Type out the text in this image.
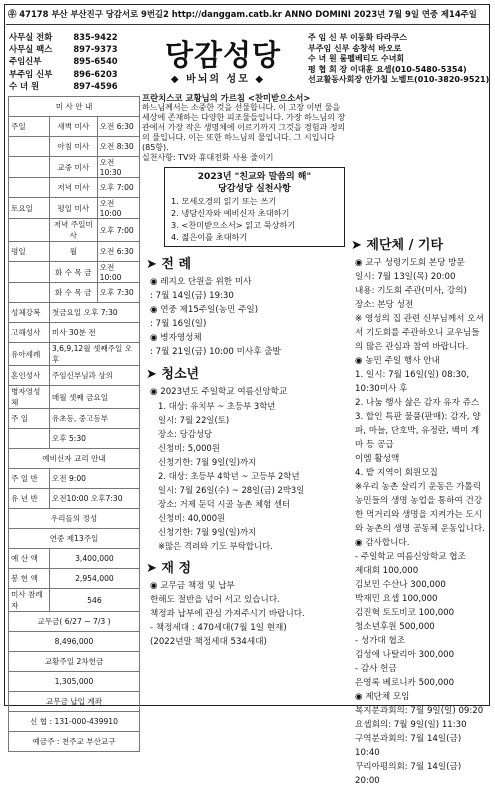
㉾ 47178 부산 부산진구 당감서로 9번길2 http://danggam.catb.kr ANNO DOMINI 2023년 7월 9일 연중 제14주일
사무실 전화	835-9422
사무실 팩스	897-9373
주임신부	895-6540
부주임 신부	896-6203
수 녀 원	897-4596
당감성당
◆ 바뇌의 성모 ◆
주 임 신 부 이동화 타라쿠스
부주임 신부 송창석 바오로
수 녀 원 룸펠베티도 수녀회
평 협 회 장 이대훈 요셉(010-5480-5354)
선교활동사회장 안가칠 노벨트(010-3820-9521)
미 사 안 내		
주일	새벽 미사	오전 6:30
	아침 미사	오전 8:30
	교중 미사	오전 10:30
	저녁 미사	오후 7:00
토요일	평일 미사	오전 10:00
	저녁 주일미사	오후 7:00
평일	월	오전 6:30
	화 수 목 금	오전 10:00
	화 수 목 금	오후 7:30
성체강복	첫금요일 오후 7:30	
고해성사	미사 30분 전	
유아세례	3,6,9,12월 셋째주일 오후	
혼인성사	주임신부님과 상의	
병자영성체	매월 셋째 금요일	
주 일	유초등, 중고등부	
	오후 5:30	
예비신자 교리 안내		
주 일 반	오전 9:00	
유 년 반	오전10:00 오후7:30	
우리들의 정성		
연중 제13주일		
예 산 액	3,400,000	
봉 헌 액	2,954,000	
미사 참례자	546	
교무금( 6/27 ~ 7/3 )		
8,496,000		
교황주일 2차헌금		
1,305,000		
교무금 납입 계좌		
신 협 : 131-000-439910		
예금주 : 천주교 부산교구		
프란치스코 교황님의 가르침 <찬미받으소서>
하느님께서는 소중한 것을 선물합니다. 이 고장 이번 물을 세상에 존재하는 다양한 피조물들입니다. 가장 하느님의 장관에서 가장 작은 생명체에 이르기까지 그것을 경험과 정의의 물입니다. 이는 또한 하느님의 물입니다. 그 시입니다(85항).
실천사항: TV와 휴대전화 사용 줄이기
2023년 "친교와 말씀의 해"
당감성당 실천사항
1. 모세오경의 읽기 또는 쓰기
2. 냉담신자와 예비신자 초대하기
3. <찬미받으소서> 읽고 묵상하기
4. 젊은이를 초대하기
➤ 전 례
◉ 레지오 단원을 위한 미사
: 7월 14일(금) 19:30
◉ 연중 제15주일(농민 주일)
: 7월 16일(일)
◉ 병자영성체
: 7월 21일(금) 10:00 미사후 출발
➤ 청소년
◉ 2023년도 주일학교 여름신앙학교
1. 대상: 유치부 ~ 초등부 3학년
일시: 7월 22일(토)
장소: 당감성당
신청비: 5,000원
신청기한: 7월 9일(일)까지
2. 대상: 초등부 4학년 ~ 고등부 2학년
일시: 7월 26일(수) ~ 28일(금) 2박3일
장소: 거제 둔덕 시골 농촌 체험 센터
신청비: 40,000원
신청기한: 7월 9일(일)까지
※많은 격려와 기도 부탁합니다.
➤ 재 정
◉ 교무금 책정 및 납부
한해도 절반을 넘어 서고 있습니다.
책정과 납부에 관심 가져주시기 바랍니다.
- 책정세대 : 470세대(7월 1일 현재)
(2022년말 책정세대 534세대)
➤ 제단체 / 기타
◉ 교구 성령기도회 본당 방문
일시: 7월 13일(목) 20:00
내용: 기도회 주관(미사, 강의)
장소: 본당 성전
※ 영성의 집 관련 신부님께서 오셔서 기도회를 주관하오니 교우님들의 많은 관심과 참여 바랍니다.
◉ 농민 주일 행사 안내
1. 일시: 7월 16일(일) 08:30, 10:30미사 후
2. 나눔 행사 삶은 감자 유자 쥬스
3. 할인 특판 물품(판매): 감자, 양파, 마늘, 단호박, 유정란, 백미 계 마 등 공급
이엠 활성액
4. 밭 지역이 회원모집
※우리 농촌 살리기 운동은 가톨릭 농민들의 생명 농업을 통하여 건강한 먹거리와 생명을 지켜가는 도시와 농촌의 생명 공동체 운동입니다.
◉ 감사합니다.
- 주일학교 여름신앙학교 협조
제대회 100,000
김보민 수산나 300,000
박재민 요셉 100,000
김진혁 토도비코 100,000
청소년후원 500,000
- 성가대 협조
김성애 나탈리아 300,000
- 감사 헌금
은영록 베로니카 500,000
◉ 제단체 모임
복지분과회의: 7월 9일(일) 09:20
요셉회의: 7월 9일(일) 11:30
구역분과회의: 7월 14일(금) 10:40
꾸리아평의회: 7월 14일(금) 20:00
